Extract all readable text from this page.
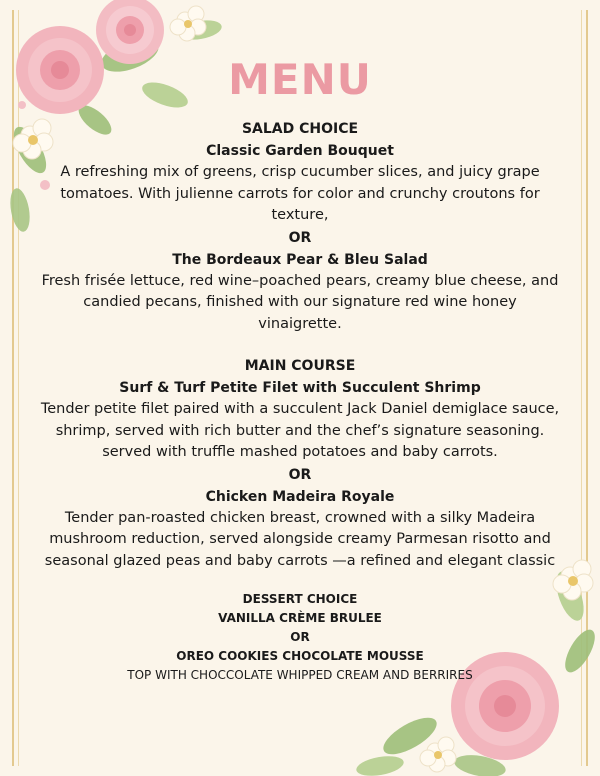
MENU
SALAD CHOICE
Classic Garden Bouquet
A refreshing mix of greens, crisp cucumber slices, and juicy grape tomatoes. With julienne carrots for color and crunchy croutons for texture,
OR
The Bordeaux Pear & Bleu Salad
Fresh frisée lettuce, red wine–poached pears, creamy blue cheese, and candied pecans, finished with our signature red wine honey vinaigrette.
MAIN COURSE
Surf & Turf Petite Filet with Succulent Shrimp
Tender petite filet paired with a succulent Jack Daniel demiglace sauce, shrimp, served with rich butter and the chef’s signature seasoning. served with truffle mashed potatoes and baby carrots.
OR
Chicken Madeira Royale
Tender pan-roasted chicken breast, crowned with a silky Madeira mushroom reduction, served alongside creamy Parmesan risotto and seasonal glazed peas and baby carrots —a refined and elegant classic
DESSERT CHOICE
VANILLA CRÈME BRULEE
OR
OREO COOKIES CHOCOLATE MOUSSE
TOP WITH CHOCCOLATE WHIPPED CREAM AND BERRIRES
